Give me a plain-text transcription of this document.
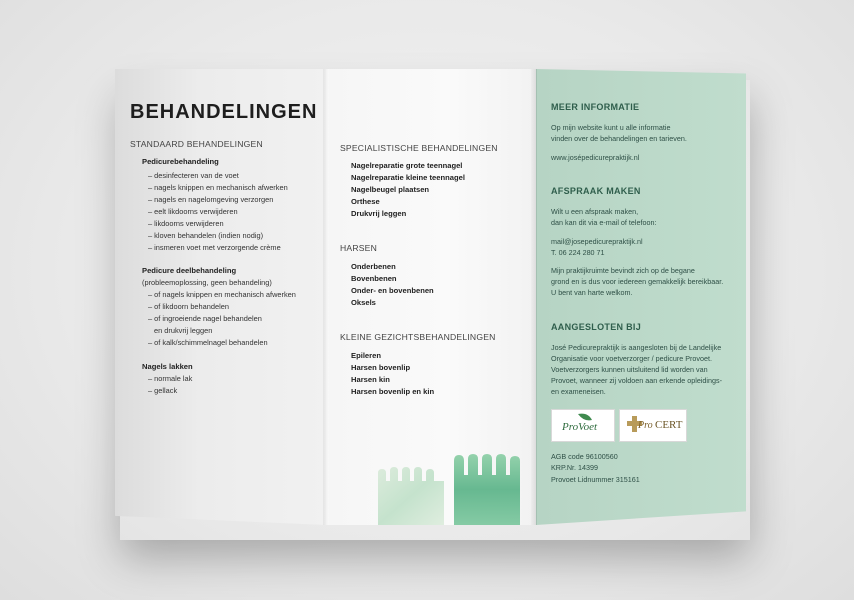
BEHANDELINGEN
STANDAARD BEHANDELINGEN
Pedicurebehandeling
– desinfecteren van de voet
– nagels knippen en mechanisch afwerken
– nagels en nagelomgeving verzorgen
– eelt likdoorns verwijderen
– likdoorns verwijderen
– kloven behandelen (indien nodig)
– insmeren voet met verzorgende crème
Pedicure deelbehandeling
(probleemoplossing, geen behandeling)
– of nagels knippen en mechanisch afwerken
– of likdoorn behandelen
– of ingroeiende nagel behandelen
en drukvrij leggen
– of kalk/schimmelnagel behandelen
Nagels lakken
– normale lak
– gellack
SPECIALISTISCHE BEHANDELINGEN
Nagelreparatie grote teennagel
Nagelreparatie kleine teennagel
Nagelbeugel plaatsen
Orthese
Drukvrij leggen
HARSEN
Onderbenen
Bovenbenen
Onder- en bovenbenen
Oksels
KLEINE GEZICHTSBEHANDELINGEN
Epileren
Harsen bovenlip
Harsen kin
Harsen bovenlip en kin
MEER INFORMATIE
Op mijn website kunt u alle informatie
vinden over de behandelingen en tarieven.
www.josépedicurepraktijk.nl
AFSPRAAK MAKEN
Wilt u een afspraak maken,
dan kan dit via e-mail of telefoon:
mail@josepedicurepraktijk.nl
T. 06 224 280 71
Mijn praktijkruimte bevindt zich op de begane
grond en is dus voor iedereen gemakkelijk bereikbaar.
U bent van harte welkom.
AANGESLOTEN BIJ
José Pedicurepraktijk is aangesloten bij de Landelijke
Organisatie voor voetverzorger / pedicure Provoet.
Voetverzorgers kunnen uitsluitend lid worden van
Provoet, wanneer zij voldoen aan erkende opleidings-
en exameneisen.
ProVoet	Pro CERT
AGB code 96100560
KRP.Nr. 14399
Provoet Lidnummer 315161
